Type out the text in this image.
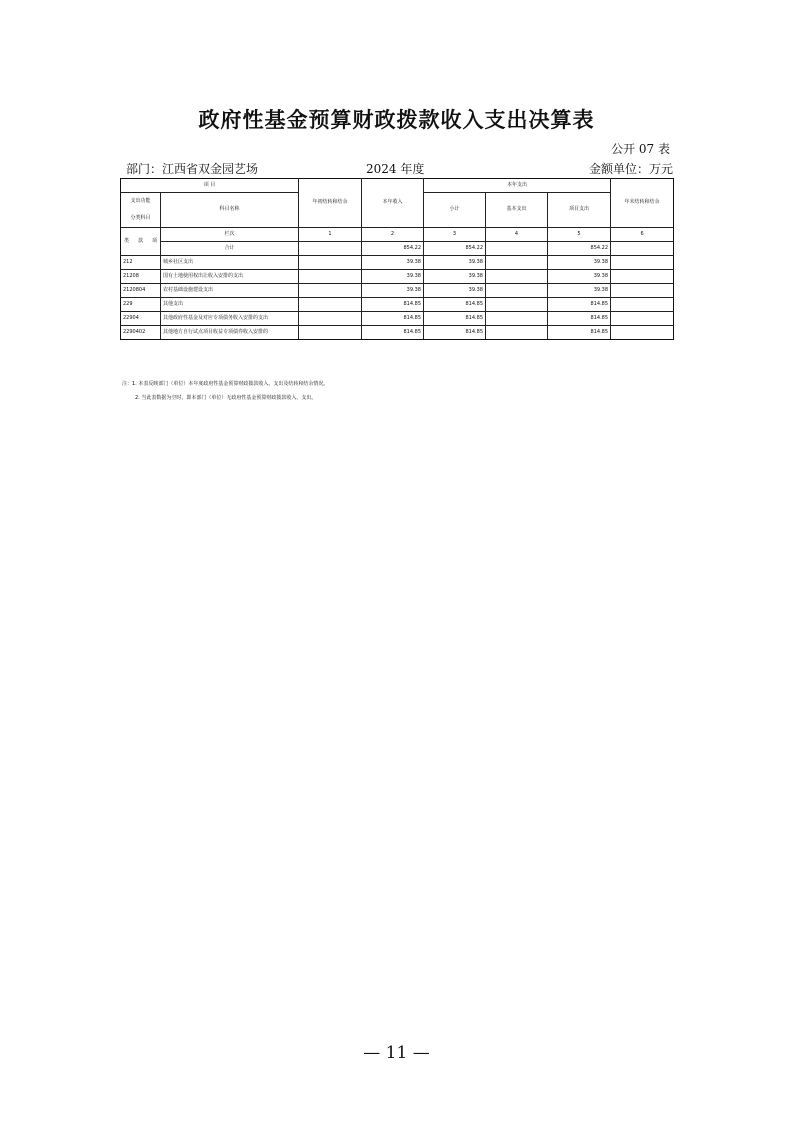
政府性基金预算财政拨款收入支出决算表
公开 07 表
部门：江西省双金园艺场	2024 年度	金额单位：万元
项 目		年初结转和结余	本年收入	本年支出			年末结转和结余

支出功能
分类科目	科目名称			小计	基本支出	项目支出	

类 款 项	栏次	1	2	3	4	5	6
	合计		854.22	854.22		854.22	
212	城乡社区支出		39.38	39.38		39.38	
21208	国有土地使用权出让收入安排的支出		39.38	39.38		39.38	
2120804	农村基础设施建设支出		39.38	39.38		39.38	
229	其他支出		814.85	814.85		814.85	
22904	其他政府性基金及对应专项债务收入安排的支出		814.85	814.85		814.85	
2290402	其他地方自行试点项目收益专项债券收入安排的		814.85	814.85		814.85	
注：1. 本表反映部门（单位）本年度政府性基金预算财政拨款收入、支出及结转和结余情况。
2. 当此表数据为空时，即本部门（单位）无政府性基金预算财政拨款收入、支出。
— 11 —
